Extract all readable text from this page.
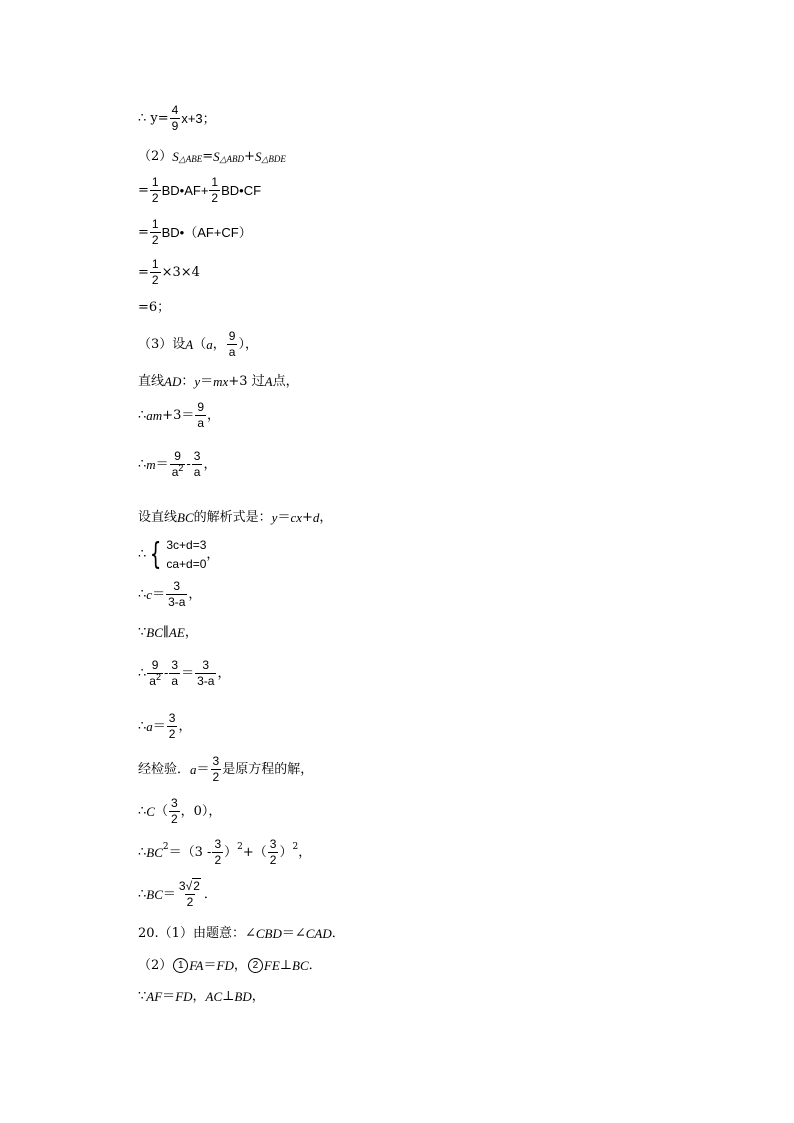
∴ $y= \frac{4}{9} x+3$；
（2） S △ABE = S △ABD + S △BDE
= $\frac{1}{2}$ BD•AF+ $\frac{1}{2}$ BD•CF
= $\frac{1}{2}$ BD•（AF+CF）
= $\frac{1}{2} \times 3\times 4$
=6；
（3）设 A （ a ， $\frac{9}{a}$ ），
直线 AD ： y ＝ mx +3 过 A 点，
∴ am $+3= \frac{9}{a}$ ，
∴ $m = \frac{9}{a^2} - \frac{3}{a}$ ，
设直线 BC 的解析式是： y ＝ cx + d ，
∴ { 3c+d=3
ca+d=0
，
∴ $c = \frac{3}{3-a}$ ，
∵ BC ∥ AE ，
∴ $\frac{9}{a^2} - \frac{3}{a} = \frac{3}{3-a}$ ，
∴ $a = \frac{3}{2}$ ，
经检验． $a = \frac{3}{2}$ 是原方程的解，
∴ C （ $\frac{3}{2}$ ，0），
∴ BC $2 =(3 - \frac{3}{2}$ ） 2 +（ $\frac{3}{2}$ ） 2 ，
∴ BC ＝ $\frac{3√2}{2}$ ．
20.（1）由题意：∠ CBD ＝∠ CAD ．
（2） 1 FA ＝ FD ， 2 FE ⊥ BC ．
∵ AF ＝ FD ， AC ⊥ BD ，
